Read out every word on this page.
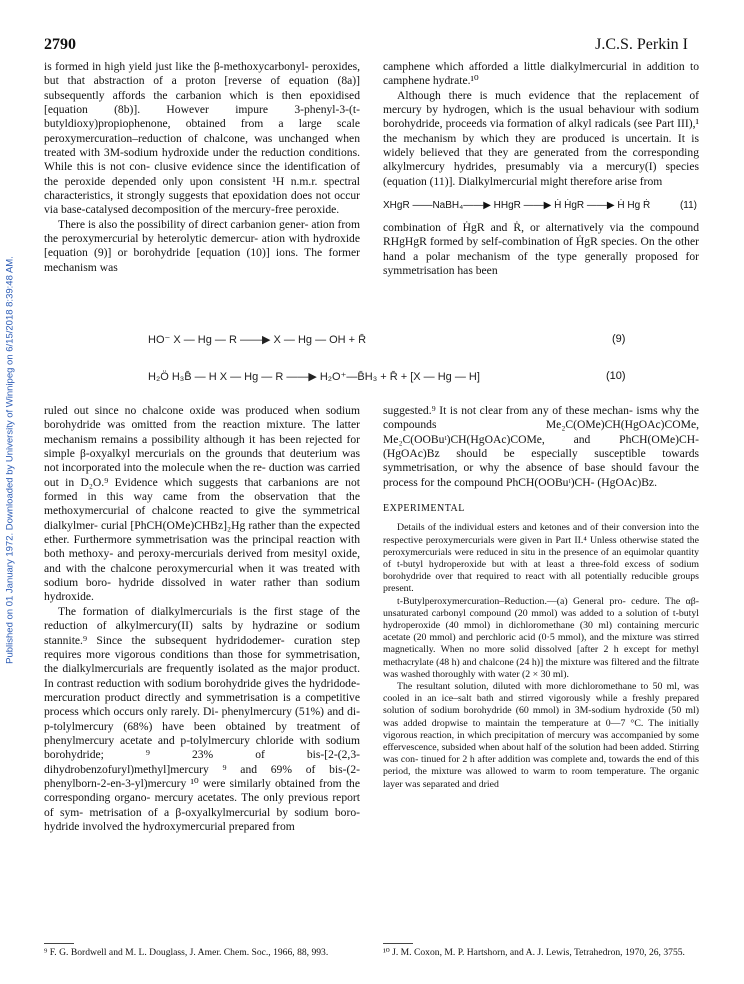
Published on 01 January 1972. Downloaded by University of Winnipeg on 6/15/2018 8:39:48 AM.
2790	J.C.S. Perkin I

is formed in high yield just like the β-methoxycarbonyl- peroxides, but that abstraction of a proton [reverse of equation (8a)] subsequently affords the carbanion which is then epoxidised [equation (8b)]. However impure 3-phenyl-3-(t-butyldioxy)propiophenone, obtained from a large scale peroxymercuration–reduction of chalcone, was unchanged when treated with 3M-sodium hydroxide under the reduction conditions. While this is not con- clusive evidence since the identification of the peroxide depended only upon consistent ¹H n.m.r. spectral characteristics, it strongly suggests that epoxidation does not occur via base-catalysed decomposition of the mercury-free peroxide.

There is also the possibility of direct carbanion gener- ation from the peroxymercurial by heterolytic demercur- ation with hydroxide [equation (9)] or borohydride [equation (10)] ions. The former mechanism was

camphene which afforded a little dialkylmercurial in addition to camphene hydrate.¹⁰

Although there is much evidence that the replacement of mercury by hydrogen, which is the usual behaviour with sodium borohydride, proceeds via formation of alkyl radicals (see Part III),¹ the mechanism by which they are produced is uncertain. It is widely believed that they are generated from the corresponding alkylmercury hydrides, presumably via a mercury(I) species (equation (11)]. Dialkylmercurial might therefore arise from

XHgR ——NaBH₄——▶ HHgR ——▶ Ḣ ḢgR ——▶ Ḣ Hg Ṙ	(11)

combination of ḢgR and Ṙ, or alternatively via the compound RHgHgR formed by self-combination of ḢgR species. On the other hand a polar mechanism of the type generally proposed for symmetrisation has been

HO⁻ X — Hg — R ——▶ X — Hg — OH + R̄	(9)
H₂Ö H₃B̄ — H X — Hg — R ——▶ H₂O⁺—B̄H₃ + R̄ + [X — Hg — H]	(10)

ruled out since no chalcone oxide was produced when sodium borohydride was omitted from the reaction mixture. The latter mechanism remains a possibility although it has been rejected for simple β-oxyalkyl mercurials on the grounds that deuterium was not incorporated into the molecule when the re- duction was carried out in D₂O.⁹ Evidence which suggests that carbanions are not formed in this way came from the observation that the methoxymercurial of chalcone reacted to give the symmetrical dialkylmer- curial [PhCH(OMe)CHBz]₂Hg rather than the expected ether. Furthermore symmetrisation was the principal reaction with both methoxy- and peroxy-mercurials derived from mesityl oxide, and with the chalcone peroxymercurial when it was treated with sodium boro- hydride dissolved in water rather than sodium hydroxide.

The formation of dialkylmercurials is the first stage of the reduction of alkylmercury(II) salts by hydrazine or sodium stannite.⁹ Since the subsequent hydridodemer- curation step requires more vigorous conditions than those for symmetrisation, the dialkylmercurials are frequently isolated as the major product. In contrast reduction with sodium borohydride gives the hydridode- mercuration product directly and symmetrisation is a competitive process which occurs only rarely. Di- phenylmercury (51%) and di-p-tolylmercury (68%) have been obtained by treatment of phenylmercury acetate and p-tolylmercury chloride with sodium borohydride; ⁹ 23% of bis-[2-(2,3-dihydrobenzofuryl)methyl]mercury ⁹ and 69% of bis-(2-phenylborn-2-en-3-yl)mercury ¹⁰ were similarly obtained from the corresponding organo- mercury acetates. The only previous report of sym- metrisation of a β-oxyalkylmercurial by sodium boro- hydride involved the hydroxymercurial prepared from

suggested.⁹ It is not clear from any of these mechan- isms why the compounds Me₂C(OMe)CH(HgOAc)COMe, Me₂C(OOBuᵗ)CH(HgOAc)COMe, and PhCH(OMe)CH- (HgOAc)Bz should be especially susceptible towards symmetrisation, or why the absence of base should favour the process for the compound PhCH(OOBuᵗ)CH- (HgOAc)Bz.

EXPERIMENTAL

Details of the individual esters and ketones and of their conversion into the respective peroxymercurials were given in Part II.⁴ Unless otherwise stated the peroxymercurials were reduced in situ in the presence of an equimolar quantity of t-butyl hydroperoxide but with at least a three-fold excess of sodium borohydride over that required to react with all potentially reducible groups present.

t-Butylperoxymercuration–Reduction.—(a) General pro- cedure. The αβ-unsaturated carbonyl compound (20 mmol) was added to a solution of t-butyl hydroperoxide (40 mmol) in dichloromethane (30 ml) containing mercuric acetate (20 mmol) and perchloric acid (0·5 mmol), and the mixture was stirred magnetically. When no more solid dissolved [after 2 h except for methyl methacrylate (48 h) and chalcone (24 h)] the mixture was filtered and the filtrate was washed thoroughly with water (2 × 30 ml).

The resultant solution, diluted with more dichloromethane to 50 ml, was cooled in an ice–salt bath and stirred vigorously while a freshly prepared solution of sodium borohydride (60 mmol) in 3M-sodium hydroxide (50 ml) was added dropwise to maintain the temperature at 0—7 °C. The initially vigorous reaction, in which precipitation of mercury was accompanied by some effervescence, subsided when about half of the solution had been added. Stirring was con- tinued for 2 h after addition was complete and, towards the end of this period, the mixture was allowed to warm to room temperature. The organic layer was separated and dried

⁹ F. G. Bordwell and M. L. Douglass, J. Amer. Chem. Soc., 1966, 88, 993.	¹⁰ J. M. Coxon, M. P. Hartshorn, and A. J. Lewis, Tetrahedron, 1970, 26, 3755.
